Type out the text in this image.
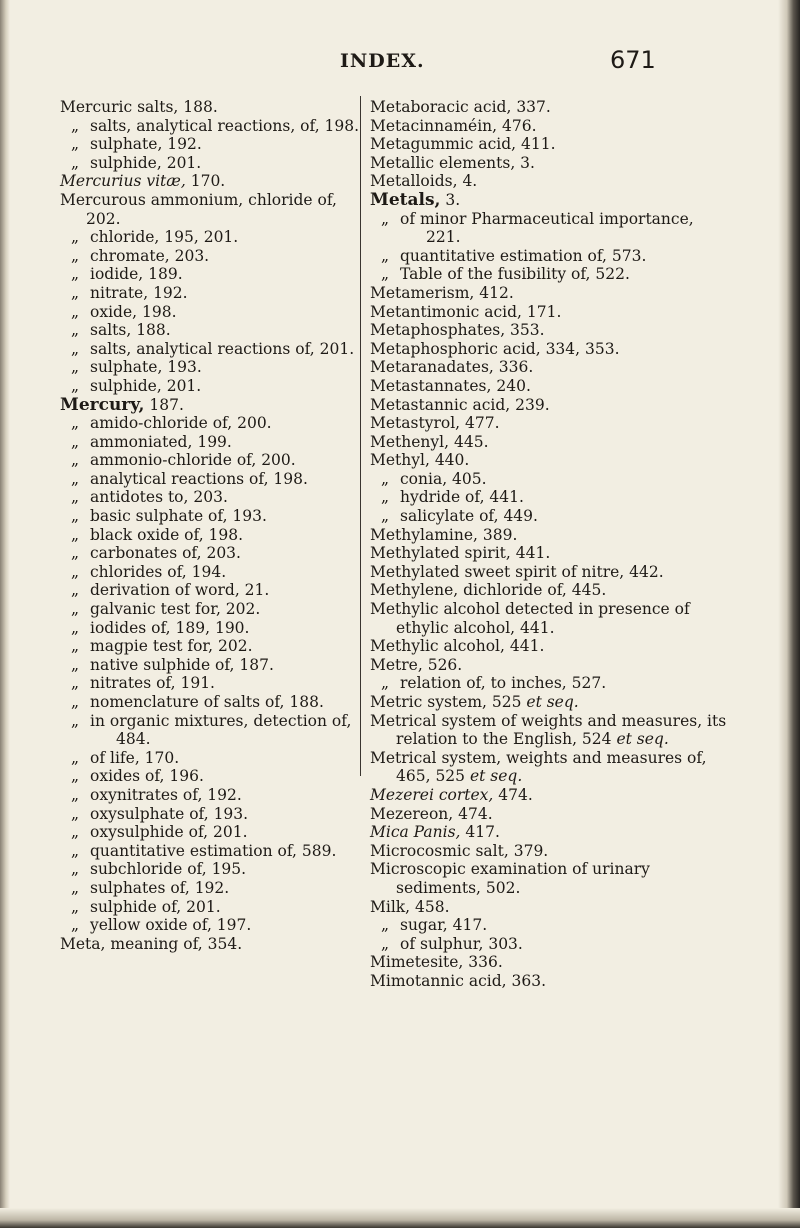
INDEX.	671
Mercuric salts, 188.
„ salts, analytical reactions, of, 198.
„ sulphate, 192.
„ sulphide, 201.
Mercurius vitæ, 170.
Mercurous ammonium, chloride of, 202.
„ chloride, 195, 201.
„ chromate, 203.
„ iodide, 189.
„ nitrate, 192.
„ oxide, 198.
„ salts, 188.
„ salts, analytical reactions of, 201.
„ sulphate, 193.
„ sulphide, 201.
Mercury, 187.
„ amido-chloride of, 200.
„ ammoniated, 199.
„ ammonio-chloride of, 200.
„ analytical reactions of, 198.
„ antidotes to, 203.
„ basic sulphate of, 193.
„ black oxide of, 198.
„ carbonates of, 203.
„ chlorides of, 194.
„ derivation of word, 21.
„ galvanic test for, 202.
„ iodides of, 189, 190.
„ magpie test for, 202.
„ native sulphide of, 187.
„ nitrates of, 191.
„ nomenclature of salts of, 188.
„ in organic mixtures, detection of, 484.
„ of life, 170.
„ oxides of, 196.
„ oxynitrates of, 192.
„ oxysulphate of, 193.
„ oxysulphide of, 201.
„ quantitative estimation of, 589.
„ subchloride of, 195.
„ sulphates of, 192.
„ sulphide of, 201.
„ yellow oxide of, 197.
Meta, meaning of, 354.
Metaboracic acid, 337.
Metacinnaméin, 476.
Metagummic acid, 411.
Metallic elements, 3.
Metalloids, 4.
Metals, 3.
„ of minor Pharmaceutical importance, 221.
„ quantitative estimation of, 573.
„ Table of the fusibility of, 522.
Metamerism, 412.
Metantimonic acid, 171.
Metaphosphates, 353.
Metaphosphoric acid, 334, 353.
Metaranadates, 336.
Metastannates, 240.
Metastannic acid, 239.
Metastyrol, 477.
Methenyl, 445.
Methyl, 440.
„ conia, 405.
„ hydride of, 441.
„ salicylate of, 449.
Methylamine, 389.
Methylated spirit, 441.
Methylated sweet spirit of nitre, 442.
Methylene, dichloride of, 445.
Methylic alcohol detected in presence of ethylic alcohol, 441.
Methylic alcohol, 441.
Metre, 526.
„ relation of, to inches, 527.
Metric system, 525 et seq.
Metrical system of weights and measures, its relation to the English, 524 et seq.
Metrical system, weights and measures of, 465, 525 et seq.
Mezerei cortex, 474.
Mezereon, 474.
Mica Panis, 417.
Microcosmic salt, 379.
Microscopic examination of urinary sediments, 502.
Milk, 458.
„ sugar, 417.
„ of sulphur, 303.
Mimetesite, 336.
Mimotannic acid, 363.
